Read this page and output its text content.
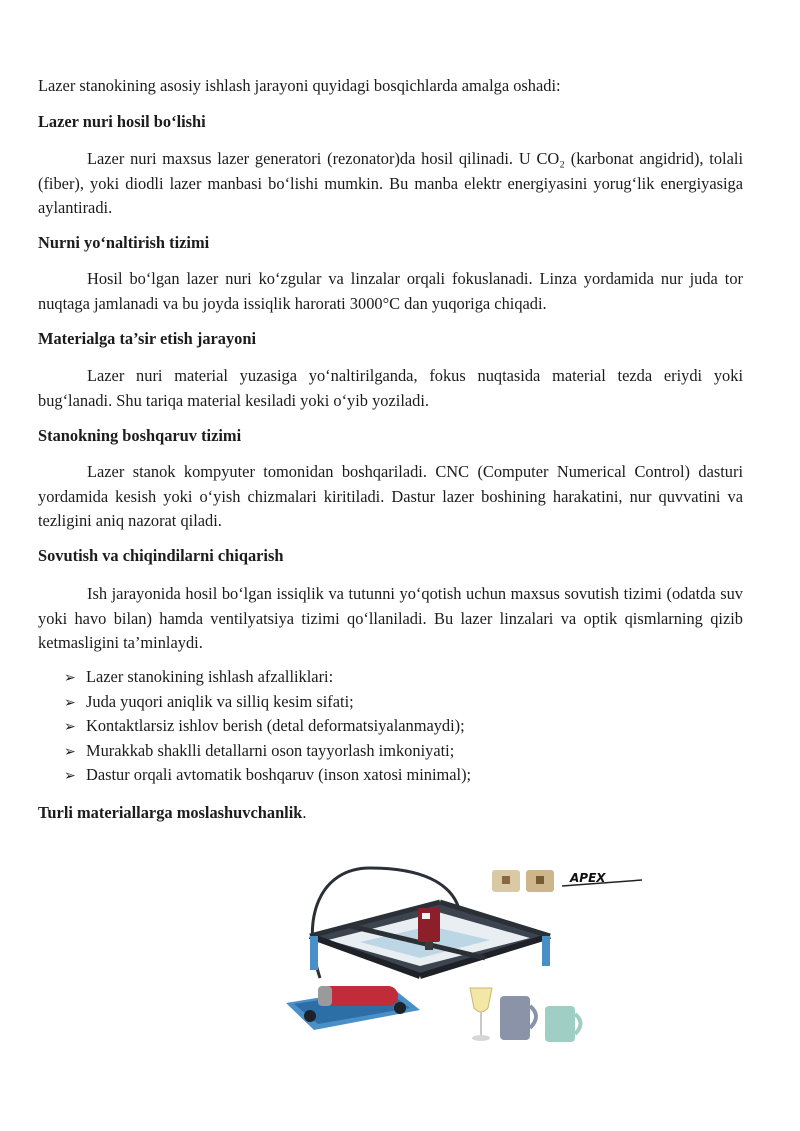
Lazer stanokining asosiy ishlash jarayoni quyidagi bosqichlarda amalga oshadi:
Lazer nuri hosil bo‘lishi
Lazer nuri maxsus lazer generatori (rezonator)da hosil qilinadi. U CO₂ (karbonat angidrid), tolali (fiber), yoki diodli lazer manbasi bo‘lishi mumkin. Bu manba elektr energiyasini yorug‘lik energiyasiga aylantiradi.
Nurni yo‘naltirish tizimi
Hosil bo‘lgan lazer nuri ko‘zgular va linzalar orqali fokuslanadi. Linza yordamida nur juda tor nuqtaga jamlanadi va bu joyda issiqlik harorati 3000°C dan yuqoriga chiqadi.
Materialga ta’sir etish jarayoni
Lazer nuri material yuzasiga yo‘naltirilganda, fokus nuqtasida material tezda eriydi yoki bug‘lanadi. Shu tariqa material kesiladi yoki o‘yib yoziladi.
Stanokning boshqaruv tizimi
Lazer stanok kompyuter tomonidan boshqariladi. CNC (Computer Numerical Control) dasturi yordamida kesish yoki o‘yish chizmalari kiritiladi. Dastur lazer boshining harakatini, nur quvvatini va tezligini aniq nazorat qiladi.
Sovutish va chiqindilarni chiqarish
Ish jarayonida hosil bo‘lgan issiqlik va tutunni yo‘qotish uchun maxsus sovutish tizimi (odatda suv yoki havo bilan) hamda ventilyatsiya tizimi qo‘llaniladi. Bu lazer linzalari va optik qismlarning qizib ketmasligini ta’minlaydi.
➢ Lazer stanokining ishlash afzalliklari:
➢ Juda yuqori aniqlik va silliq kesim sifati;
➢ Kontaktlarsiz ishlov berish (detal deformatsiyalanmaydi);
➢ Murakkab shaklli detallarni oson tayyorlash imkoniyati;
➢ Dastur orqali avtomatik boshqaruv (inson xatosi minimal);
Turli materiallarga moslashuvchanlik.
APEX
